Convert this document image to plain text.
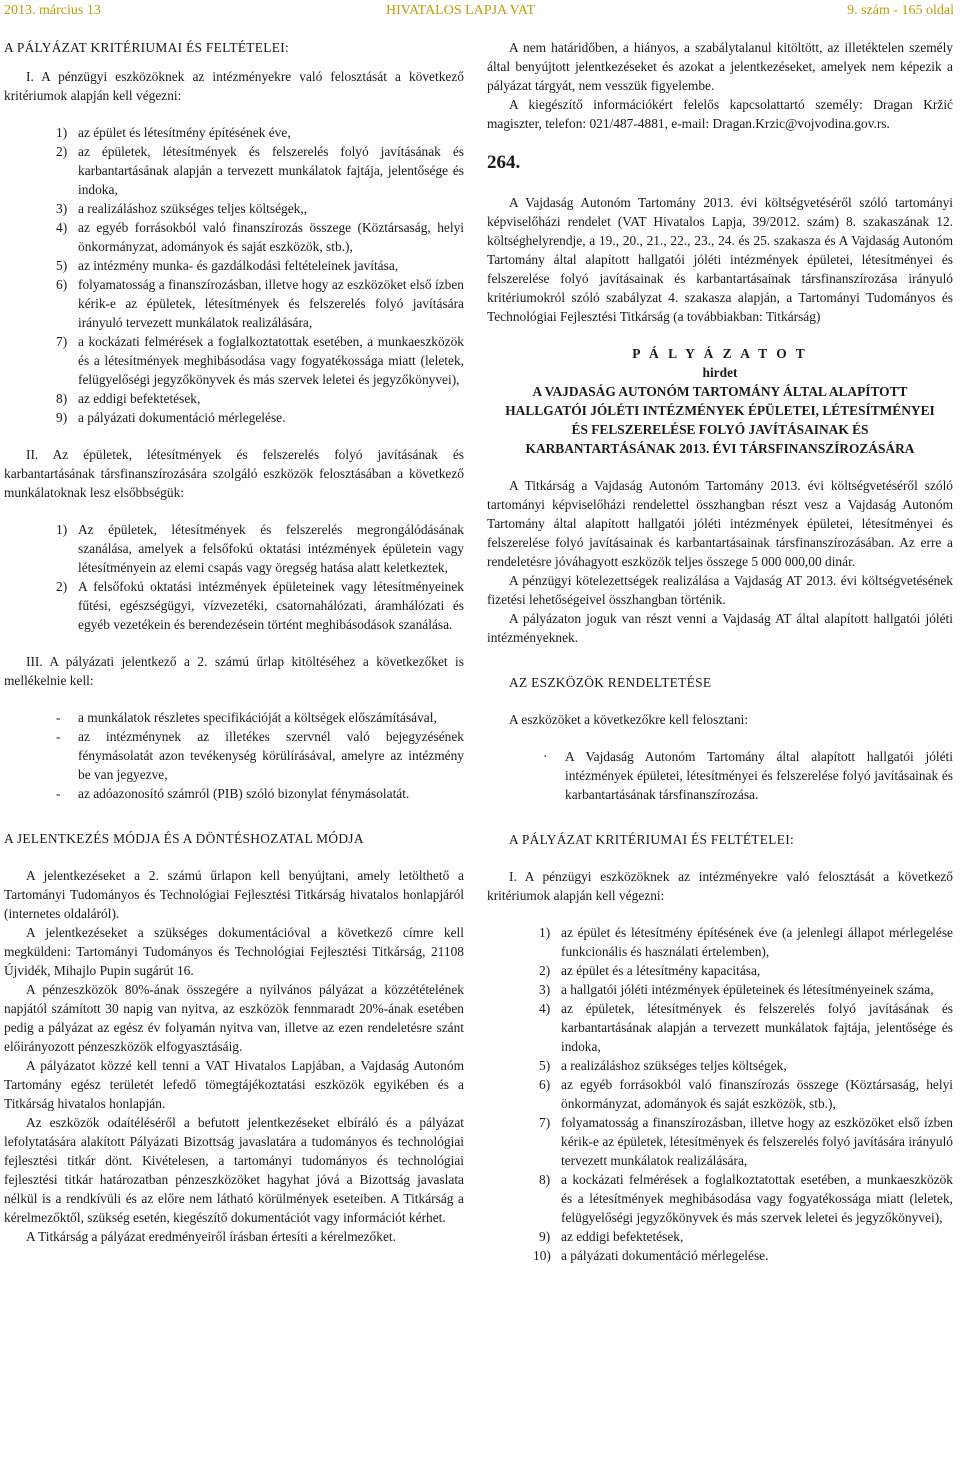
2013. március 13	HIVATALOS LAPJA VAT	9. szám - 165 oldal

A PÁLYÁZAT KRITÉRIUMAI ÉS FELTÉTELEI:

I. A pénzügyi eszközöknek az intézményekre való felosztását a következő kritériumok alapján kell végezni:

1) az épület és létesítmény építésének éve,
2) az épületek, létesítmények és felszerelés folyó javításának és karbantartásának alapján a tervezett munkálatok fajtája, jelentősége és indoka,
3) a realizáláshoz szükséges teljes költségek,,
4) az egyéb forrásokból való finanszírozás összege (Köztársaság, helyi önkormányzat, adományok és saját eszközök, stb.),
5) az intézmény munka- és gazdálkodási feltételeinek javítása,
6) folyamatosság a finanszírozásban, illetve hogy az eszközöket első ízben kérik-e az épületek, létesítmények és felszerelés folyó javítására irányuló tervezett munkálatok realizálására,
7) a kockázati felmérések a foglalkoztatottak esetében, a munkaeszközök és a létesítmények meghibásodása vagy fogyatékossága miatt (leletek, felügyelőségi jegyzőkönyvek és más szervek leletei és jegyzőkönyvei),
8) az eddigi befektetések,
9) a pályázati dokumentáció mérlegelése.

II. Az épületek, létesítmények és felszerelés folyó javításának és karbantartásának társfinanszírozására szolgáló eszközök felosztásában a következő munkálatoknak lesz elsőbbségük:

1) Az épületek, létesítmények és felszerelés megrongálódásának szanálása, amelyek a felsőfokú oktatási intézmények épületein vagy létesítményein az elemi csapás vagy öregség hatása alatt keletkeztek,
2) A felsőfokú oktatási intézmények épületeinek vagy létesítményeinek fűtési, egészségügyi, vízvezetéki, csatornahálózati, áramhálózati és egyéb vezetékein és berendezésein történt meghibásodások szanálása.

III. A pályázati jelentkező a 2. számú űrlap kitöltéséhez a következőket is mellékelnie kell:

- a munkálatok részletes specifikációját a költségek előszámításával,
- az intézménynek az illetékes szervnél való bejegyzésének fénymásolatát azon tevékenység körülírásával, amelyre az intézmény be van jegyezve,
- az adóazonosító számról (PIB) szóló bizonylat fénymásolatát.

A JELENTKEZÉS MÓDJA ÉS A DÖNTÉSHOZATAL MÓDJA

A jelentkezéseket a 2. számú űrlapon kell benyújtani, amely letölthető a Tartományi Tudományos és Technológiai Fejlesztési Titkárság hivatalos honlapjáról (internetes oldaláról).

A jelentkezéseket a szükséges dokumentációval a következő címre kell megküldeni: Tartományi Tudományos és Technológiai Fejlesztési Titkárság, 21108 Újvidék, Mihajlo Pupin sugárút 16.

A pénzeszközök 80%-ának összegére a nyilvános pályázat a közzétételének napjától számított 30 napig van nyitva, az eszközök fennmaradt 20%-ának esetében pedig a pályázat az egész év folyamán nyitva van, illetve az ezen rendeletésre szánt előirányozott pénzeszközök elfogyasztásáig.

A pályázatot közzé kell tenni a VAT Hivatalos Lapjában, a Vajdaság Autonóm Tartomány egész területét lefedő tömegtájékoztatási eszközök egyikében és a Titkárság hivatalos honlapján.

Az eszközök odaítéléséről a befutott jelentkezéseket elbíráló és a pályázat lefolytatására alakított Pályázati Bizottság javaslatára a tudományos és technológiai fejlesztési titkár dönt. Kivételesen, a tartományi tudományos és technológiai fejlesztési titkár határozatban pénzeszközöket hagyhat jóvá a Bizottság javaslata nélkül is a rendkívüli és az előre nem látható körülmények eseteiben. A Titkárság a kérelmezőktől, szükség esetén, kiegészítő dokumentációt vagy információt kérhet.

A Titkárság a pályázat eredményeiről írásban értesíti a kérelmezőket.

A nem határidőben, a hiányos, a szabálytalanul kitöltött, az illetéktelen személy által benyújtott jelentkezéseket és azokat a jelentkezéseket, amelyek nem képezik a pályázat tárgyát, nem vesszük figyelembe.

A kiegészítő információkért felelős kapcsolattartó személy: Dragan Kržić magiszter, telefon: 021/487-4881, e-mail: Dragan.Krzic@vojvodina.gov.rs.

264.

A Vajdaság Autonóm Tartomány 2013. évi költségvetéséről szóló tartományi képviselőházi rendelet (VAT Hivatalos Lapja, 39/2012. szám) 8. szakaszának 12. költséghelyrendje, a 19., 20., 21., 22., 23., 24. és 25. szakasza és A Vajdaság Autonóm Tartomány által alapított hallgatói jóléti intézmények épületei, létesítményei és felszerelése folyó javításainak és karbantartásainak társfinanszírozása irányuló kritériumokról szóló szabályzat 4. szakasza alapján, a Tartományi Tudományos és Technológiai Fejlesztési Titkárság (a továbbiakban: Titkárság)

P Á L Y Á Z A T O T

hirdet

A VAJDASÁG AUTONÓM TARTOMÁNY ÁLTAL ALAPÍTOTT HALLGATÓI JÓLÉTI INTÉZMÉNYEK ÉPÜLETEI, LÉTESÍTMÉNYEI ÉS FELSZERELÉSE FOLYÓ JAVÍTÁSAINAK ÉS KARBANTARTÁSÁNAK 2013. ÉVI TÁRSFINANSZÍROZÁSÁRA

A Titkárság a Vajdaság Autonóm Tartomány 2013. évi költségvetéséről szóló tartományi képviselőházi rendelettel összhangban részt vesz a Vajdaság Autonóm Tartomány által alapított hallgatói jóléti intézmények épületei, létesítményei és felszerelése folyó javításainak és karbantartásainak társfinanszírozásában. Az erre a rendeletésre jóváhagyott eszközök teljes összege 5 000 000,00 dinár.

A pénzügyi kötelezettségek realizálása a Vajdaság AT 2013. évi költségvetésének fizetési lehetőségeivel összhangban történik.

A pályázaton joguk van részt venni a Vajdaság AT által alapított hallgatói jóléti intézményeknek.

AZ ESZKÖZÖK RENDELTETÉSE

A eszközöket a következőkre kell felosztani:

· A Vajdaság Autonóm Tartomány által alapított hallgatói jóléti intézmények épületei, létesítményei és felszerelése folyó javításainak és karbantartásának társfinanszírozása.

A PÁLYÁZAT KRITÉRIUMAI ÉS FELTÉTELEI:

I. A pénzügyi eszközöknek az intézményekre való felosztását a következő kritériumok alapján kell végezni:

1) az épület és létesítmény építésének éve (a jelenlegi állapot mérlegelése funkcionális és használati értelemben),
2) az épület és a létesítmény kapacitása,
3) a hallgatói jóléti intézmények épületeinek és létesítményeinek száma,
4) az épületek, létesítmények és felszerelés folyó javításának és karbantartásának alapján a tervezett munkálatok fajtája, jelentősége és indoka,
5) a realizáláshoz szükséges teljes költségek,
6) az egyéb forrásokból való finanszírozás összege (Köztársaság, helyi önkormányzat, adományok és saját eszközök, stb.),
7) folyamatosság a finanszírozásban, illetve hogy az eszközöket első ízben kérik-e az épületek, létesítmények és felszerelés folyó javítására irányuló tervezett munkálatok realizálására,
8) a kockázati felmérések a foglalkoztatottak esetében, a munkaeszközök és a létesítmények meghibásodása vagy fogyatékossága miatt (leletek, felügyelőségi jegyzőkönyvek és más szervek leletei és jegyzőkönyvei),
9) az eddigi befektetések,
10) a pályázati dokumentáció mérlegelése.
